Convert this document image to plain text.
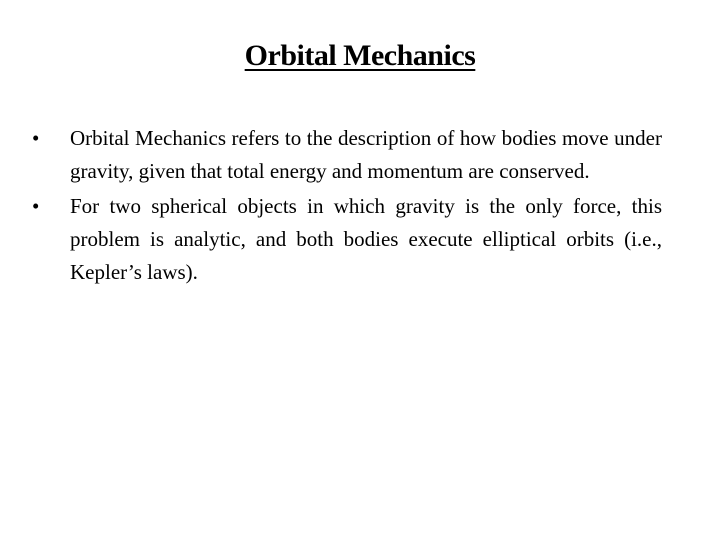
Orbital Mechanics
•	Orbital Mechanics refers to the description of how bodies move under gravity, given that total energy and momentum are conserved.
•	For two spherical objects in which gravity is the only force, this problem is analytic, and both bodies execute elliptical orbits (i.e., Kepler’s laws).
